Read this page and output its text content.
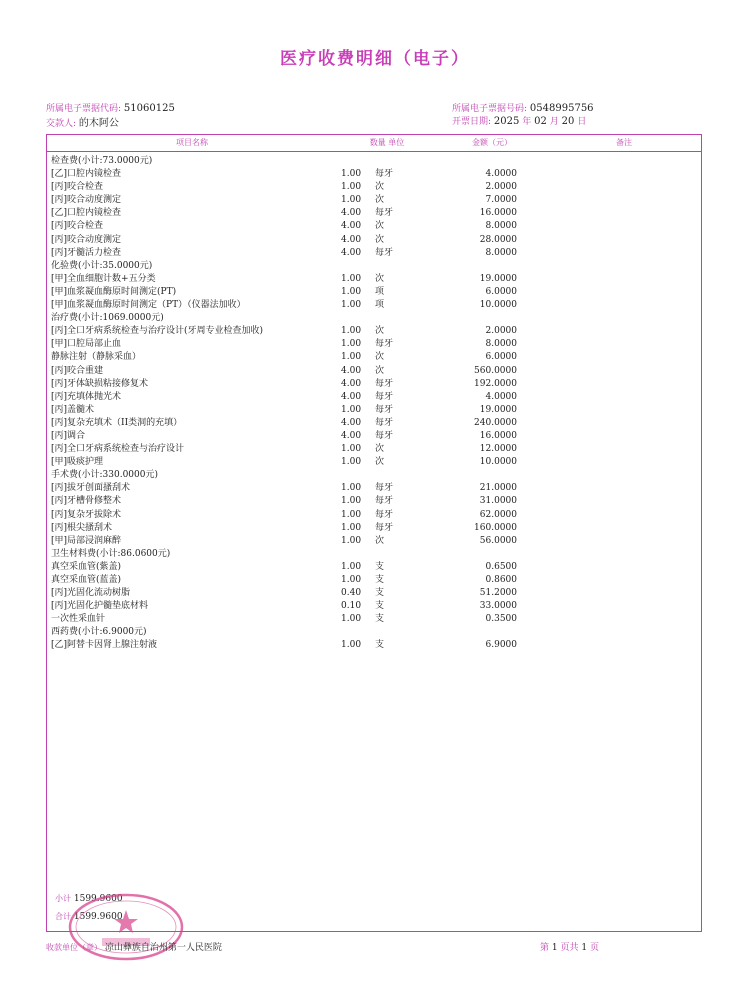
医疗收费明细（电子）
所属电子票据代码: 51060125
交款人: 的木阿公
所属电子票据号码: 0548995756
开票日期: 2025 年 02 月 20 日
项目名称	数量 单位	金额（元）	备注
检查费(小计:73.0000元)
[乙]口腔内镜检查	1.00 每牙	4.0000
[丙]咬合检查	1.00 次	2.0000
[丙]咬合动度测定	1.00 次	7.0000
[乙]口腔内镜检查	4.00 每牙	16.0000
[丙]咬合检查	4.00 次	8.0000
[丙]咬合动度测定	4.00 次	28.0000
[丙]牙髓活力检查	4.00 每牙	8.0000
化验费(小计:35.0000元)
[甲]全血细胞计数+五分类	1.00 次	19.0000
[甲]血浆凝血酶原时间测定(PT)	1.00 项	6.0000
[甲]血浆凝血酶原时间测定（PT）（仪器法加收）	1.00 项	10.0000
治疗费(小计:1069.0000元)
[丙]全口牙病系统检查与治疗设计(牙周专业检查加收)	1.00 次	2.0000
[甲]口腔局部止血	1.00 每牙	8.0000
静脉注射（静脉采血）	1.00 次	6.0000
[丙]咬合重建	4.00 次	560.0000
[丙]牙体缺损粘接修复术	4.00 每牙	192.0000
[丙]充填体抛光术	4.00 每牙	4.0000
[丙]盖髓术	1.00 每牙	19.0000
[丙]复杂充填术（II类洞的充填）	4.00 每牙	240.0000
[丙]调合	4.00 每牙	16.0000
[丙]全口牙病系统检查与治疗设计	1.00 次	12.0000
[甲]吸痰护理	1.00 次	10.0000
手术费(小计:330.0000元)
[丙]拔牙创面搔刮术	1.00 每牙	21.0000
[丙]牙槽骨修整术	1.00 每牙	31.0000
[丙]复杂牙拔除术	1.00 每牙	62.0000
[丙]根尖搔刮术	1.00 每牙	160.0000
[甲]局部浸润麻醉	1.00 次	56.0000
卫生材料费(小计:86.0600元)
真空采血管(紫盖)	1.00 支	0.6500
真空采血管(蓝盖)	1.00 支	0.8600
[丙]光固化流动树脂	0.40 支	51.2000
[丙]光固化护髓垫底材料	0.10 支	33.0000
一次性采血针	1.00 支	0.3500
西药费(小计:6.9000元)
[乙]阿替卡因肾上腺注射液	1.00 支	6.9000
小计 1599.9600
合计 1599.9600
收款单位（章） 凉山彝族自治州第一人民医院	第 1 页共 1 页
